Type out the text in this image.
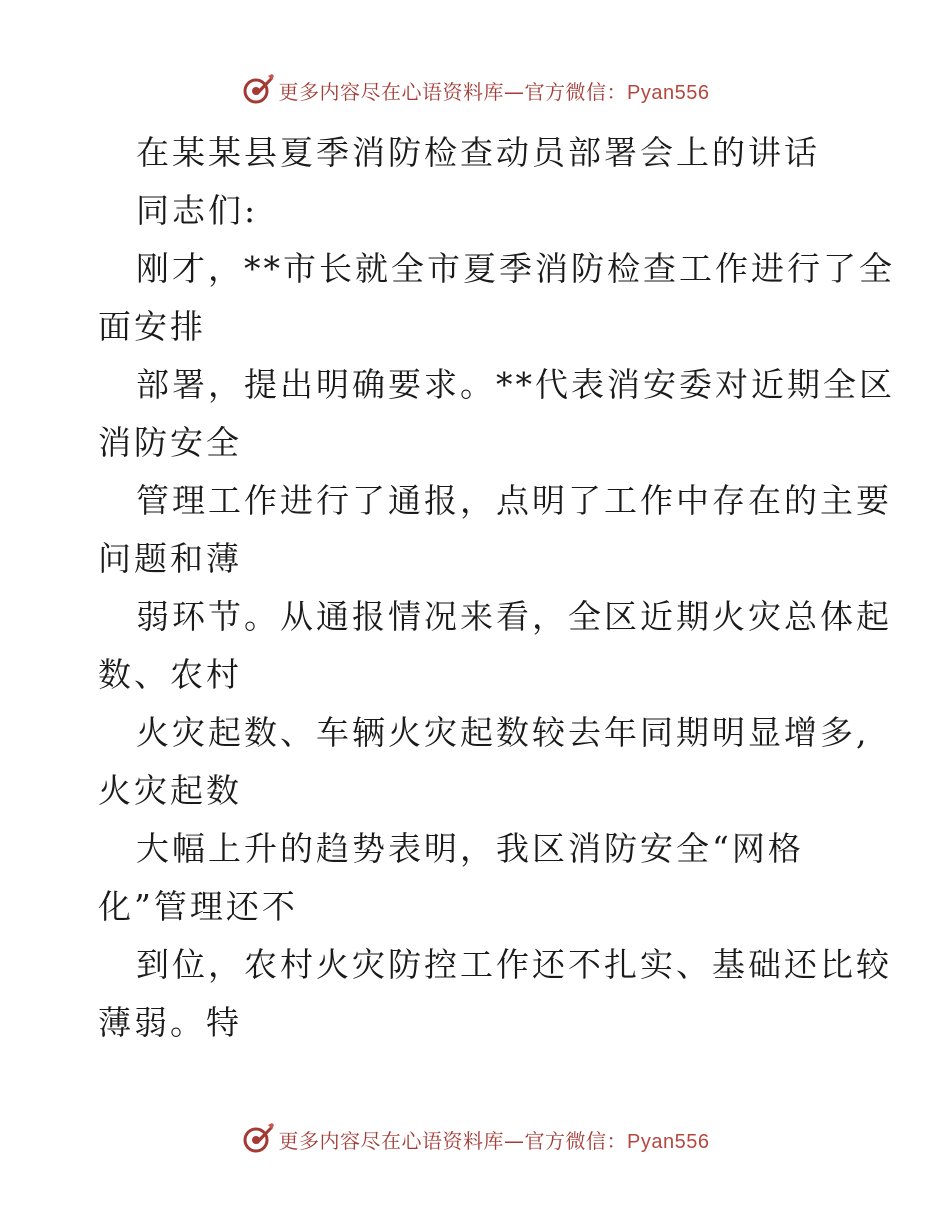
更多内容尽在心语资料库—官方微信：Pyan556
在某某县夏季消防检查动员部署会上的讲话
同志们:
刚才，**市长就全市夏季消防检查工作进行了全
面安排
部署，提出明确要求。**代表消安委对近期全区
消防安全
管理工作进行了通报，点明了工作中存在的主要
问题和薄
弱环节。从通报情况来看，全区近期火灾总体起
数、农村
火灾起数、车辆火灾起数较去年同期明显增多,
火灾起数
大幅上升的趋势表明，我区消防安全“网格
化”管理还不
到位，农村火灾防控工作还不扎实、基础还比较
薄弱。特
更多内容尽在心语资料库—官方微信：Pyan556
